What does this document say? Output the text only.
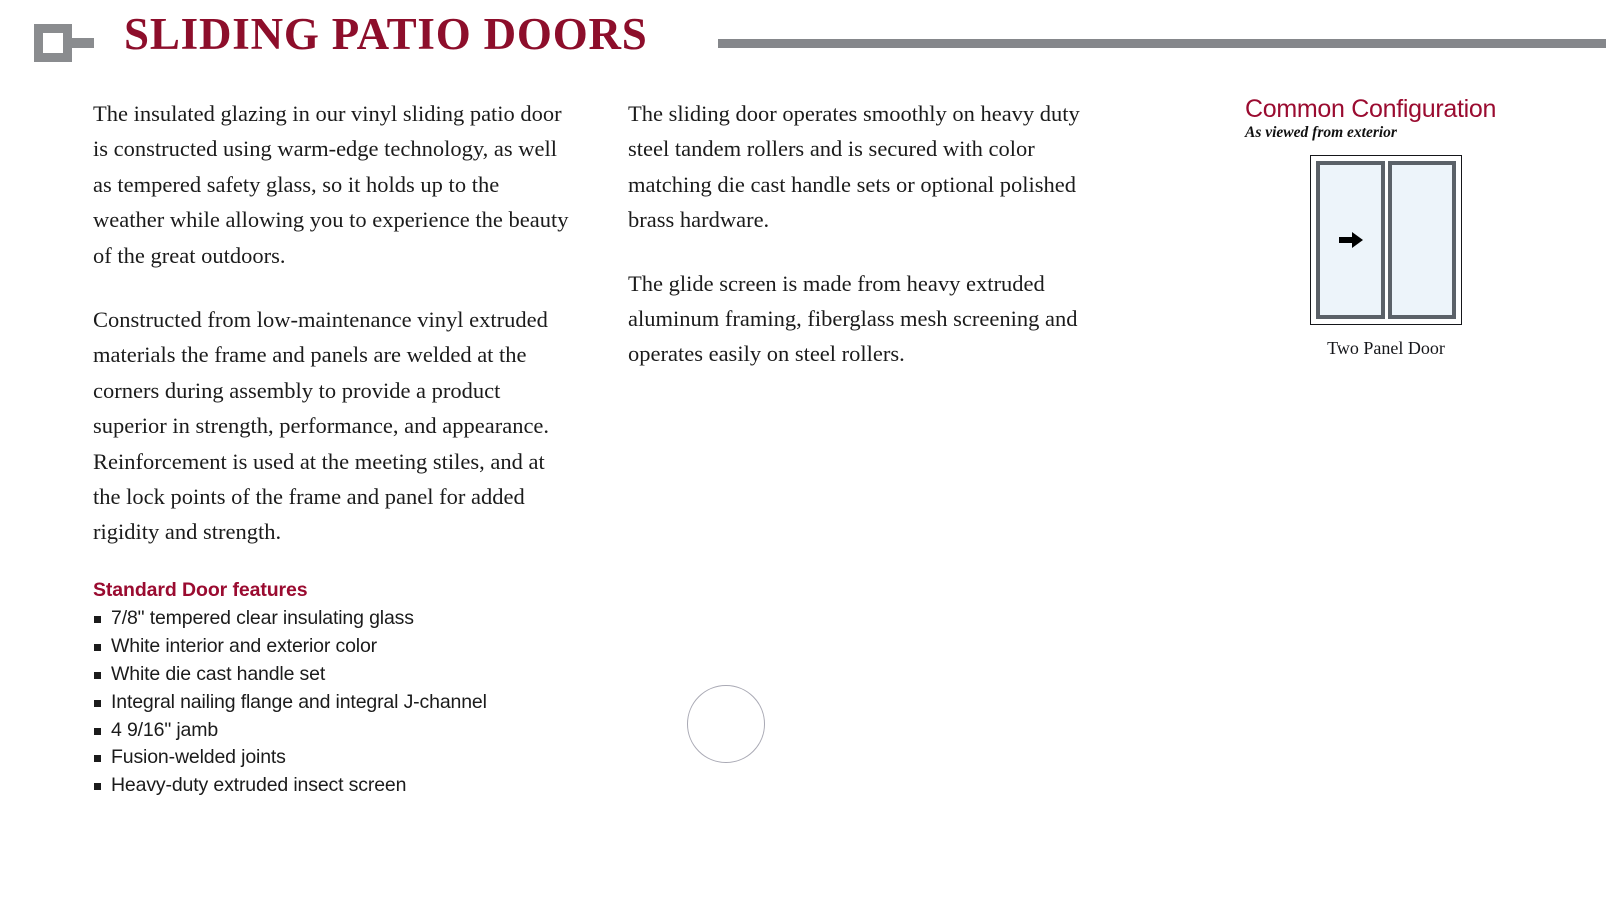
SLIDING PATIO DOORS

The insulated glazing in our vinyl sliding patio door is constructed using warm-edge technology, as well as tempered safety glass, so it holds up to the weather while allowing you to experience the beauty of the great outdoors.

Constructed from low-maintenance vinyl extruded materials the frame and panels are welded at the corners during assembly to provide a product superior in strength, performance, and appearance. Reinforcement is used at the meeting stiles, and at the lock points of the frame and panel for added rigidity and strength.

Standard Door features

7/8" tempered clear insulating glass
White interior and exterior color
White die cast handle set
Integral nailing flange and integral J-channel
4 9/16" jamb
Fusion-welded joints
Heavy-duty extruded insect screen

The sliding door operates smoothly on heavy duty steel tandem rollers and is secured with color matching die cast handle sets or optional polished brass hardware.

The glide screen is made from heavy extruded aluminum framing, fiberglass mesh screening and operates easily on steel rollers.

Common Configuration

As viewed from exterior

Two Panel Door
